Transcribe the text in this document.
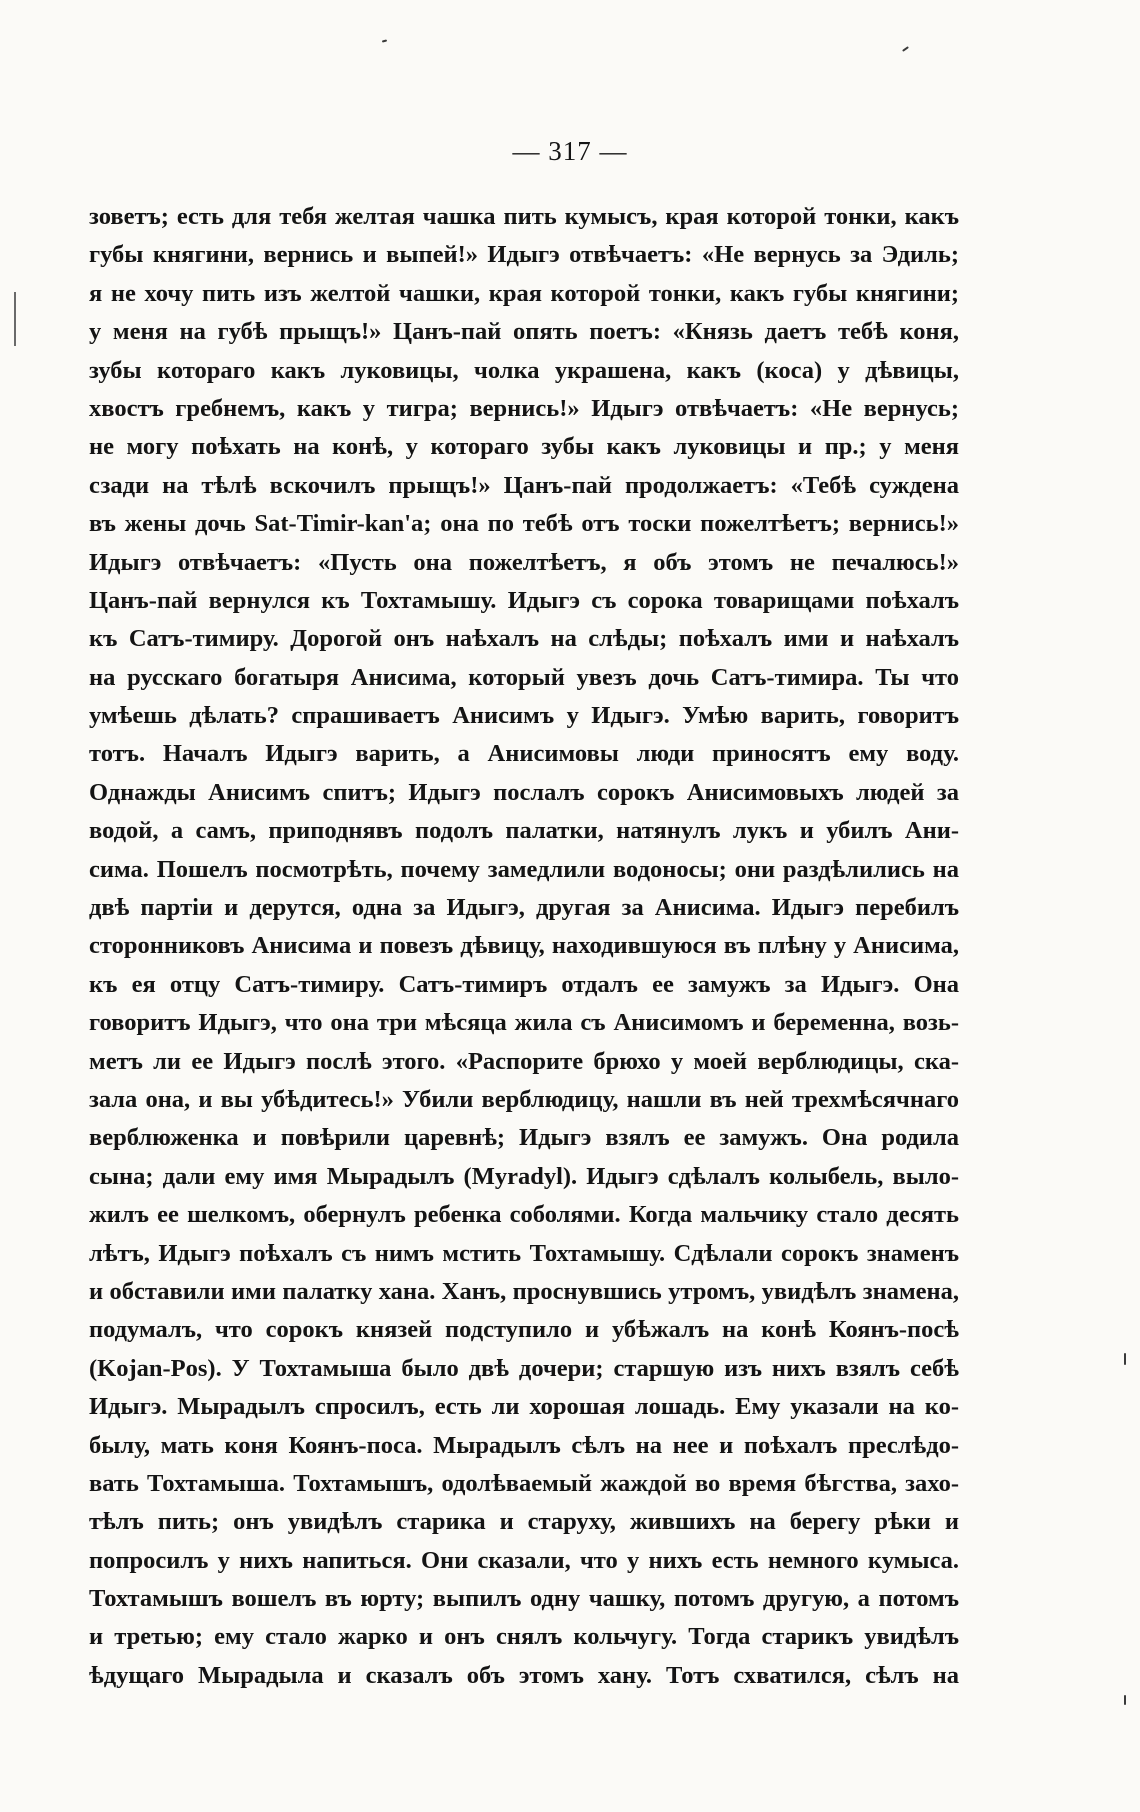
— 317 —
зоветъ; есть для тебя желтая чашка пить кумысъ, края которой тонки, какъ
губы княгини, вернись и выпей!» Идыгэ отвѣчаетъ: «Не вернусь за Эдиль;
я не хочу пить изъ желтой чашки, края которой тонки, какъ губы княгини;
у меня на губѣ прыщъ!» Цанъ-пай опять поетъ: «Князь даетъ тебѣ коня,
зубы котораго какъ луковицы, чолка украшена, какъ (коса) у дѣвицы,
хвостъ гребнемъ, какъ у тигра; вернись!» Идыгэ отвѣчаетъ: «Не вернусь;
не могу поѣхать на конѣ, у котораго зубы какъ луковицы и пр.; у меня
сзади на тѣлѣ вскочилъ прыщъ!» Цанъ-пай продолжаетъ: «Тебѣ суждена
въ жены дочь Sat-Timir-kan'a; она по тебѣ отъ тоски пожелтѣетъ; вернись!»
Идыгэ отвѣчаетъ: «Пусть она пожелтѣетъ, я объ этомъ не печалюсь!»
Цанъ-пай вернулся къ Тохтамышу. Идыгэ съ сорока товарищами поѣхалъ
къ Сатъ-тимиру. Дорогой онъ наѣхалъ на слѣды; поѣхалъ ими и наѣхалъ
на русскаго богатыря Анисима, который увезъ дочь Сатъ-тимира. Ты что
умѣешь дѣлать? спрашиваетъ Анисимъ у Идыгэ. Умѣю варить, говоритъ
тотъ. Началъ Идыгэ варить, а Анисимовы люди приносятъ ему воду.
Однажды Анисимъ спитъ; Идыгэ послалъ сорокъ Анисимовыхъ людей за
водой, а самъ, приподнявъ подолъ палатки, натянулъ лукъ и убилъ Ани-
сима. Пошелъ посмотрѣть, почему замедлили водоносы; они раздѣлились на
двѣ партіи и дерутся, одна за Идыгэ, другая за Анисима. Идыгэ перебилъ
сторонниковъ Анисима и повезъ дѣвицу, находившуюся въ плѣну у Анисима,
къ ея отцу Сатъ-тимиру. Сатъ-тимиръ отдалъ ее замужъ за Идыгэ. Она
говоритъ Идыгэ, что она три мѣсяца жила съ Анисимомъ и беременна, возь-
метъ ли ее Идыгэ послѣ этого. «Распорите брюхо у моей верблюдицы, ска-
зала она, и вы убѣдитесь!» Убили верблюдицу, нашли въ ней трехмѣсячнаго
верблюженка и повѣрили царевнѣ; Идыгэ взялъ ее замужъ. Она родила
сына; дали ему имя Мырадылъ (Myradyl). Идыгэ сдѣлалъ колыбель, выло-
жилъ ее шелкомъ, обернулъ ребенка соболями. Когда мальчику стало десять
лѣтъ, Идыгэ поѣхалъ съ нимъ мстить Тохтамышу. Сдѣлали сорокъ знаменъ
и обставили ими палатку хана. Ханъ, проснувшись утромъ, увидѣлъ знамена,
подумалъ, что сорокъ князей подступило и убѣжалъ на конѣ Коянъ-посѣ
(Kojan-Pos). У Тохтамыша было двѣ дочери; старшую изъ нихъ взялъ себѣ
Идыгэ. Мырадылъ спросилъ, есть ли хорошая лошадь. Ему указали на ко-
былу, мать коня Коянъ-поса. Мырадылъ сѣлъ на нее и поѣхалъ преслѣдо-
вать Тохтамыша. Тохтамышъ, одолѣваемый жаждой во время бѣгства, захо-
тѣлъ пить; онъ увидѣлъ старика и старуху, жившихъ на берегу рѣки и
попросилъ у нихъ напиться. Они сказали, что у нихъ есть немного кумыса.
Тохтамышъ вошелъ въ юрту; выпилъ одну чашку, потомъ другую, а потомъ
и третью; ему стало жарко и онъ снялъ кольчугу. Тогда старикъ увидѣлъ
ѣдущаго Мырадыла и сказалъ объ этомъ хану. Тотъ схватился, сѣлъ на
